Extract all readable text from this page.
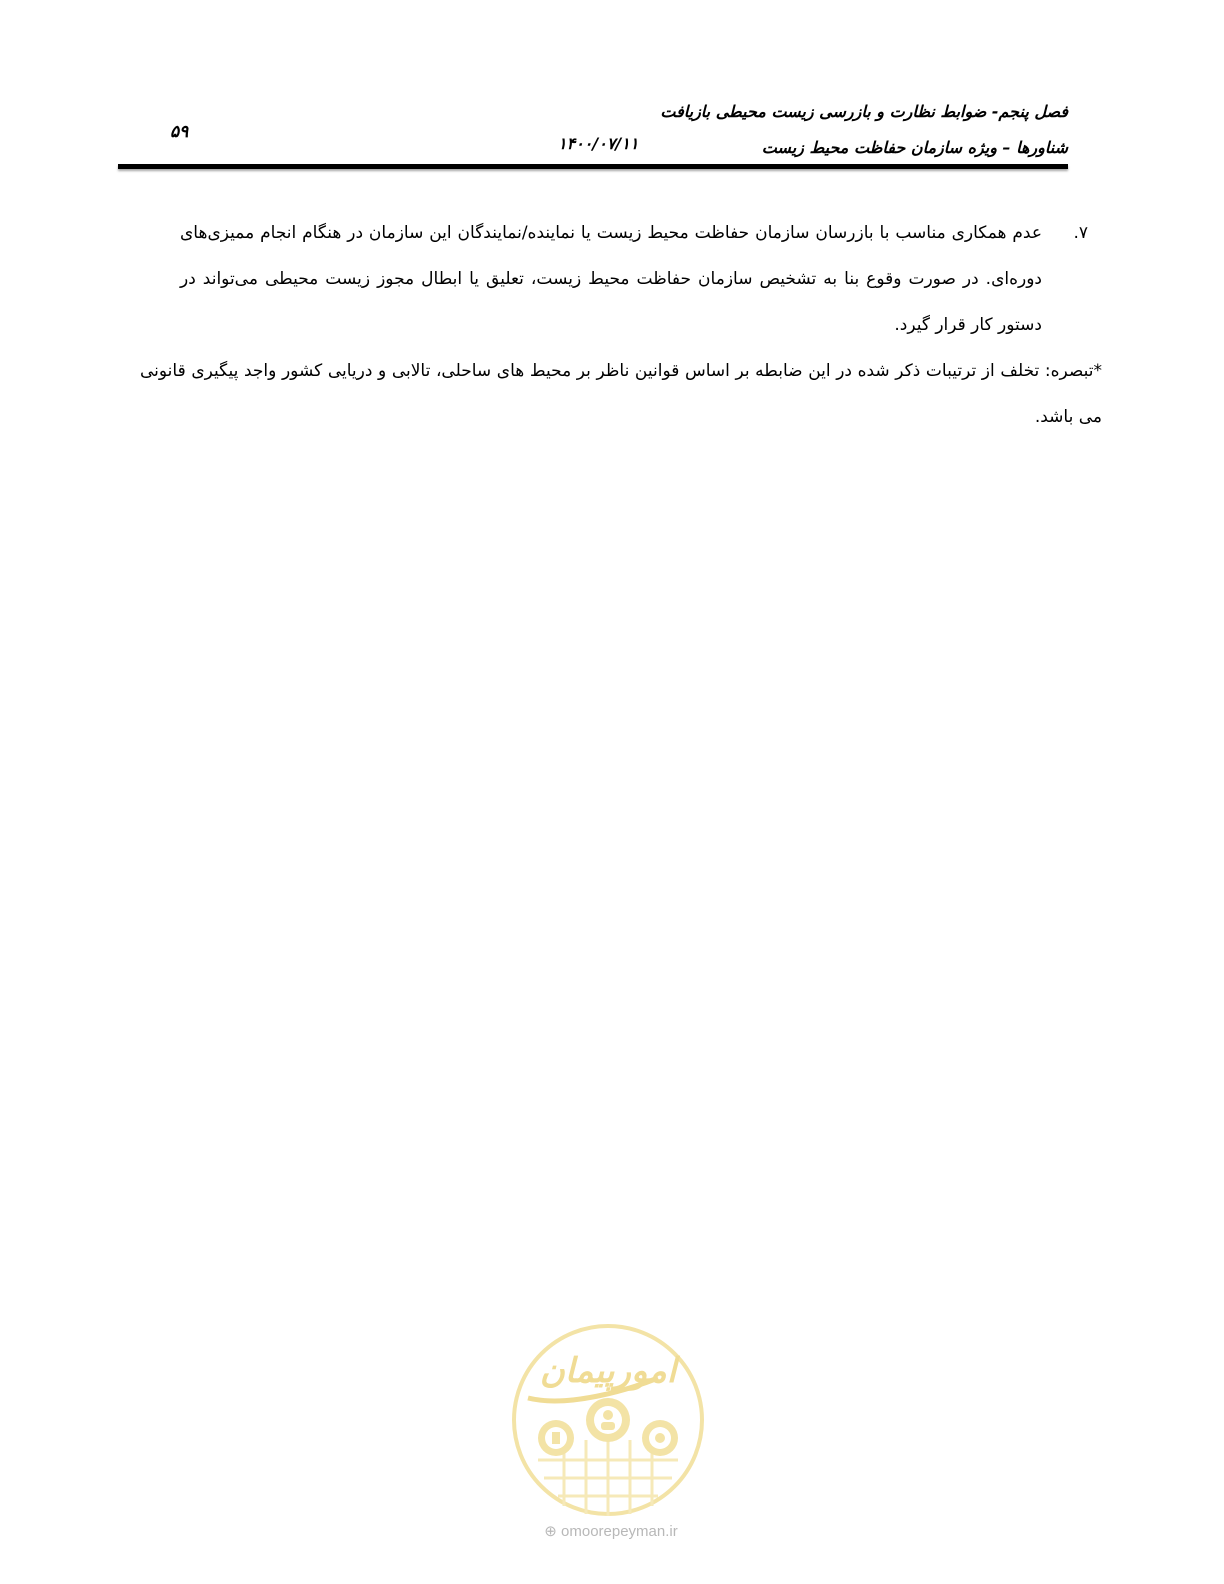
فصل پنجم- ضوابط نظارت و بازرسی زیست محیطی بازیافت
شناورها – ویژه سازمان حفاظت محیط زیست
۱۴۰۰/۰۷/۱۱
۵۹
۷.
عدم همکاری مناسب با بازرسان سازمان حفاظت محیط زیست یا نماینده/نمایندگان این سازمان در هنگام انجام ممیزی‌های دوره‌ای. در صورت وقوع بنا به تشخیص سازمان حفاظت محیط زیست، تعلیق یا ابطال مجوز زیست محیطی می‌تواند در دستور کار قرار گیرد.
*تبصره: تخلف از ترتیبات ذکر شده در این ضابطه بر اساس قوانین ناظر بر محیط های ساحلی، تالابی و دریایی کشور واجد پیگیری قانونی می باشد.
امورپیمان
⊕ omoorepeyman.ir
